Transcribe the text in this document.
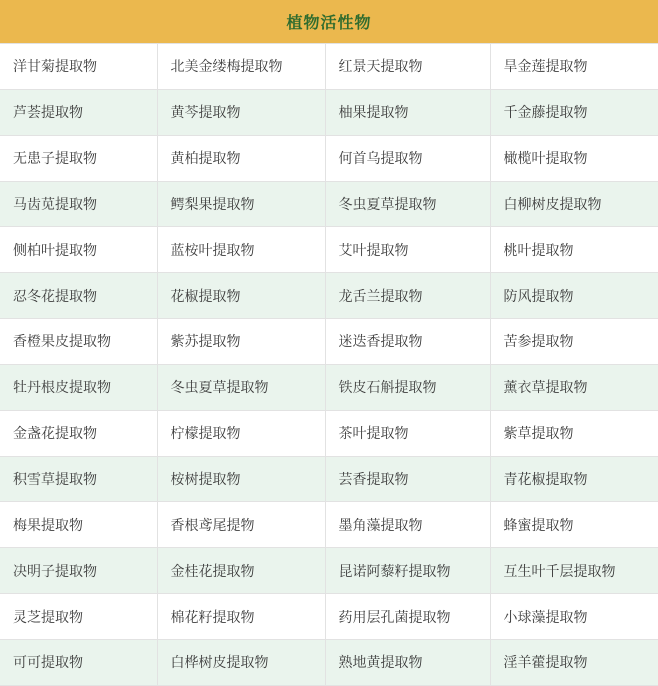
植物活性物
洋甘菊提取物	北美金缕梅提取物	红景天提取物	旱金莲提取物
芦荟提取物	黄芩提取物	柚果提取物	千金藤提取物
无患子提取物	黄柏提取物	何首乌提取物	橄榄叶提取物
马齿苋提取物	鳄梨果提取物	冬虫夏草提取物	白柳树皮提取物
侧柏叶提取物	蓝桉叶提取物	艾叶提取物	桃叶提取物
忍冬花提取物	花椒提取物	龙舌兰提取物	防风提取物
香橙果皮提取物	紫苏提取物	迷迭香提取物	苦参提取物
牡丹根皮提取物	冬虫夏草提取物	铁皮石斛提取物	薰衣草提取物
金盏花提取物	柠檬提取物	茶叶提取物	紫草提取物
积雪草提取物	桉树提取物	芸香提取物	青花椒提取物
梅果提取物	香根鸢尾提物	墨角藻提取物	蜂蜜提取物
决明子提取物	金桂花提取物	昆诺阿藜籽提取物	互生叶千层提取物
灵芝提取物	棉花籽提取物	药用层孔菌提取物	小球藻提取物
可可提取物	白桦树皮提取物	熟地黄提取物	淫羊藿提取物
